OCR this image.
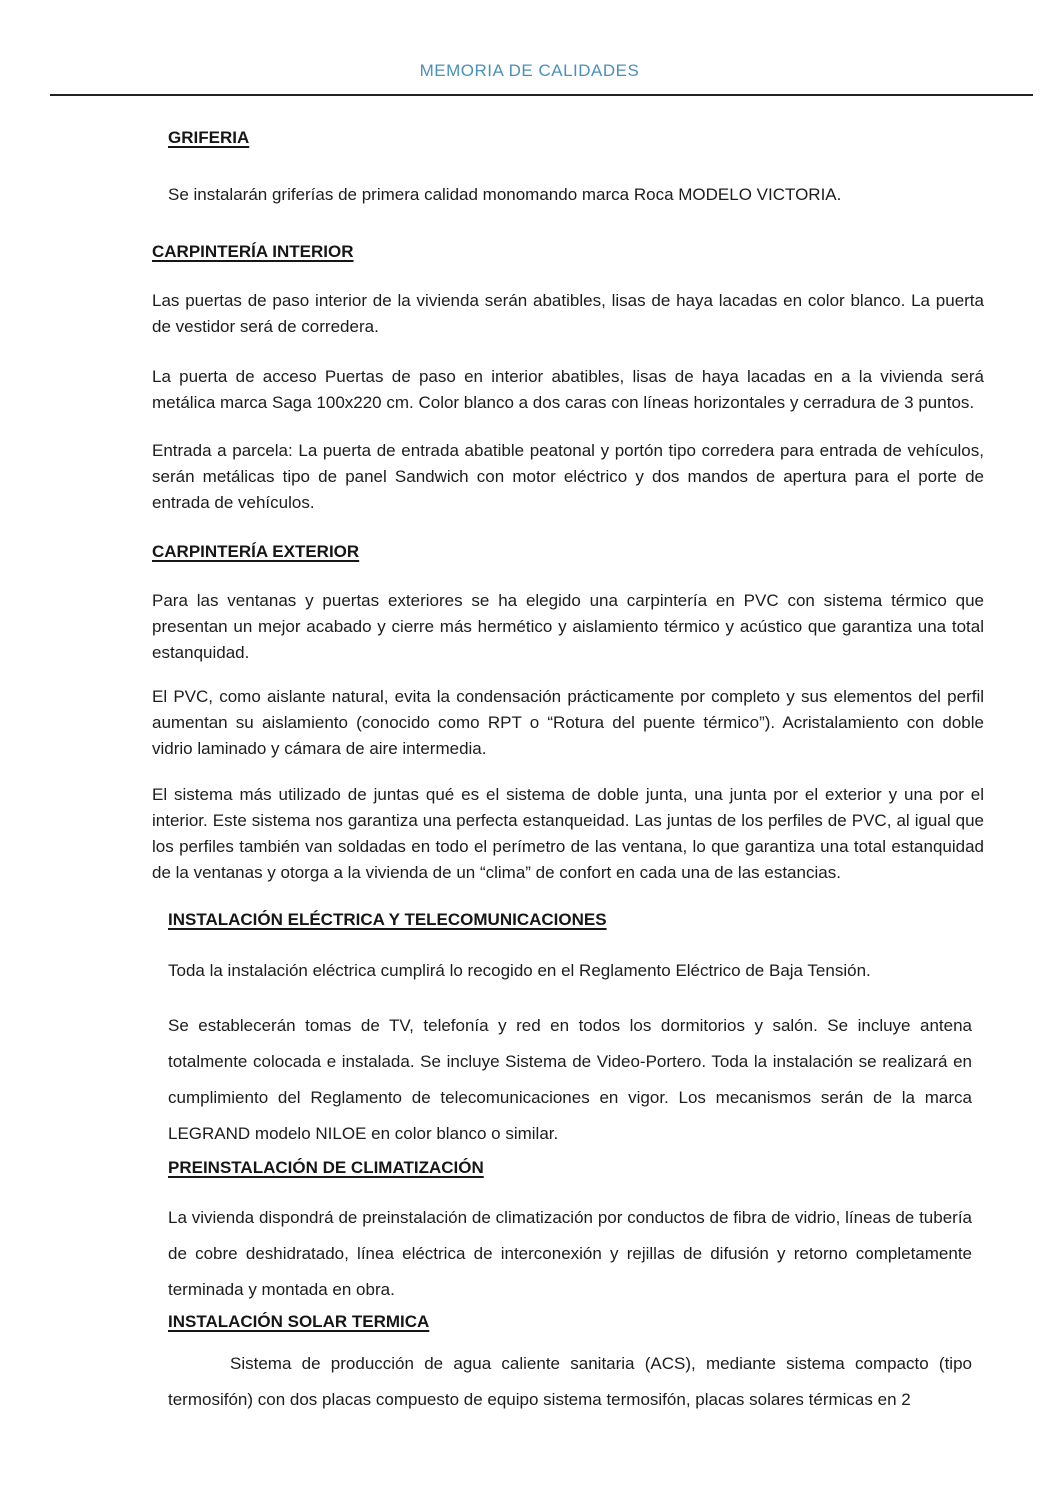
MEMORIA DE CALIDADES
GRIFERIA

Se instalarán griferías de primera calidad monomando marca Roca MODELO VICTORIA.

CARPINTERÍA INTERIOR

Las puertas de paso interior de la vivienda serán abatibles, lisas de haya lacadas en color blanco. La puerta de vestidor será de corredera.

La puerta de acceso Puertas de paso en interior abatibles, lisas de haya lacadas en a la vivienda será metálica marca Saga 100x220 cm. Color blanco a dos caras con líneas horizontales y cerradura de 3 puntos.

Entrada a parcela: La puerta de entrada abatible peatonal y portón tipo corredera para entrada de vehículos, serán metálicas tipo de panel Sandwich con motor eléctrico y dos mandos de apertura para el porte de entrada de vehículos.

CARPINTERÍA EXTERIOR

Para las ventanas y puertas exteriores se ha elegido una carpintería en PVC con sistema térmico que presentan un mejor acabado y cierre más hermético y aislamiento térmico y acústico que garantiza una total estanquidad.

El PVC, como aislante natural, evita la condensación prácticamente por completo y sus elementos del perfil aumentan su aislamiento (conocido como RPT o “Rotura del puente térmico”). Acristalamiento con doble vidrio laminado y cámara de aire intermedia.

El sistema más utilizado de juntas qué es el sistema de doble junta, una junta por el exterior y una por el interior. Este sistema nos garantiza una perfecta estanqueidad. Las juntas de los perfiles de PVC, al igual que los perfiles también van soldadas en todo el perímetro de las ventana, lo que garantiza una total estanquidad de la ventanas y otorga a la vivienda de un “clima” de confort en cada una de las estancias.

INSTALACIÓN ELÉCTRICA Y TELECOMUNICACIONES

Toda la instalación eléctrica cumplirá lo recogido en el Reglamento Eléctrico de Baja Tensión.

Se establecerán tomas de TV, telefonía y red en todos los dormitorios y salón. Se incluye antena totalmente colocada e instalada. Se incluye Sistema de Video-Portero. Toda la instalación se realizará en cumplimiento del Reglamento de telecomunicaciones en vigor. Los mecanismos serán de la marca LEGRAND modelo NILOE en color blanco o similar.

PREINSTALACIÓN DE CLIMATIZACIÓN

La vivienda dispondrá de preinstalación de climatización por conductos de fibra de vidrio, líneas de tubería de cobre deshidratado, línea eléctrica de interconexión y rejillas de difusión y retorno completamente terminada y montada en obra.

INSTALACIÓN SOLAR TERMICA

Sistema de producción de agua caliente sanitaria (ACS), mediante sistema compacto (tipo termosifón) con dos placas compuesto de equipo sistema termosifón, placas solares térmicas en 2
